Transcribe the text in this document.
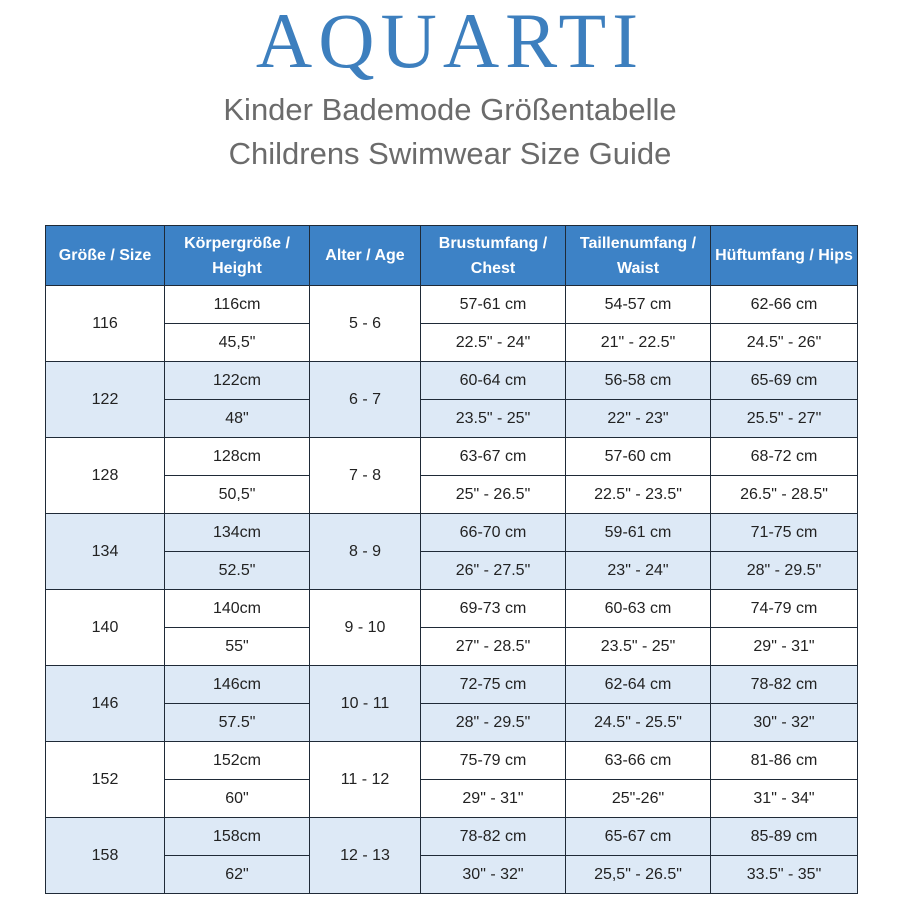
AQUARTI
Kinder Bademode Größentabelle
Childrens Swimwear Size Guide
Größe / Size	Körpergröße / Height	Alter / Age	Brustumfang / Chest	Taillenumfang / Waist	Hüftumfang / Hips
116	116cm	5 - 6	57-61 cm	54-57 cm	62-66 cm
	45,5"		22.5" - 24"	21" - 22.5"	24.5" - 26"
122	122cm	6 - 7	60-64 cm	56-58 cm	65-69 cm
	48"		23.5" - 25"	22" - 23"	25.5" - 27"
128	128cm	7 - 8	63-67 cm	57-60 cm	68-72 cm
	50,5"		25" - 26.5"	22.5" - 23.5"	26.5" - 28.5"
134	134cm	8 - 9	66-70 cm	59-61 cm	71-75 cm
	52.5"		26" - 27.5"	23" - 24"	28" - 29.5"
140	140cm	9 - 10	69-73 cm	60-63 cm	74-79 cm
	55"		27" - 28.5"	23.5" - 25"	29" - 31"
146	146cm	10 - 11	72-75 cm	62-64 cm	78-82 cm
	57.5"		28" - 29.5"	24.5" - 25.5"	30" - 32"
152	152cm	11 - 12	75-79 cm	63-66 cm	81-86 cm
	60"		29" - 31"	25"-26"	31" - 34"
158	158cm	12 - 13	78-82 cm	65-67 cm	85-89 cm
	62"		30" - 32"	25,5" - 26.5"	33.5" - 35"
